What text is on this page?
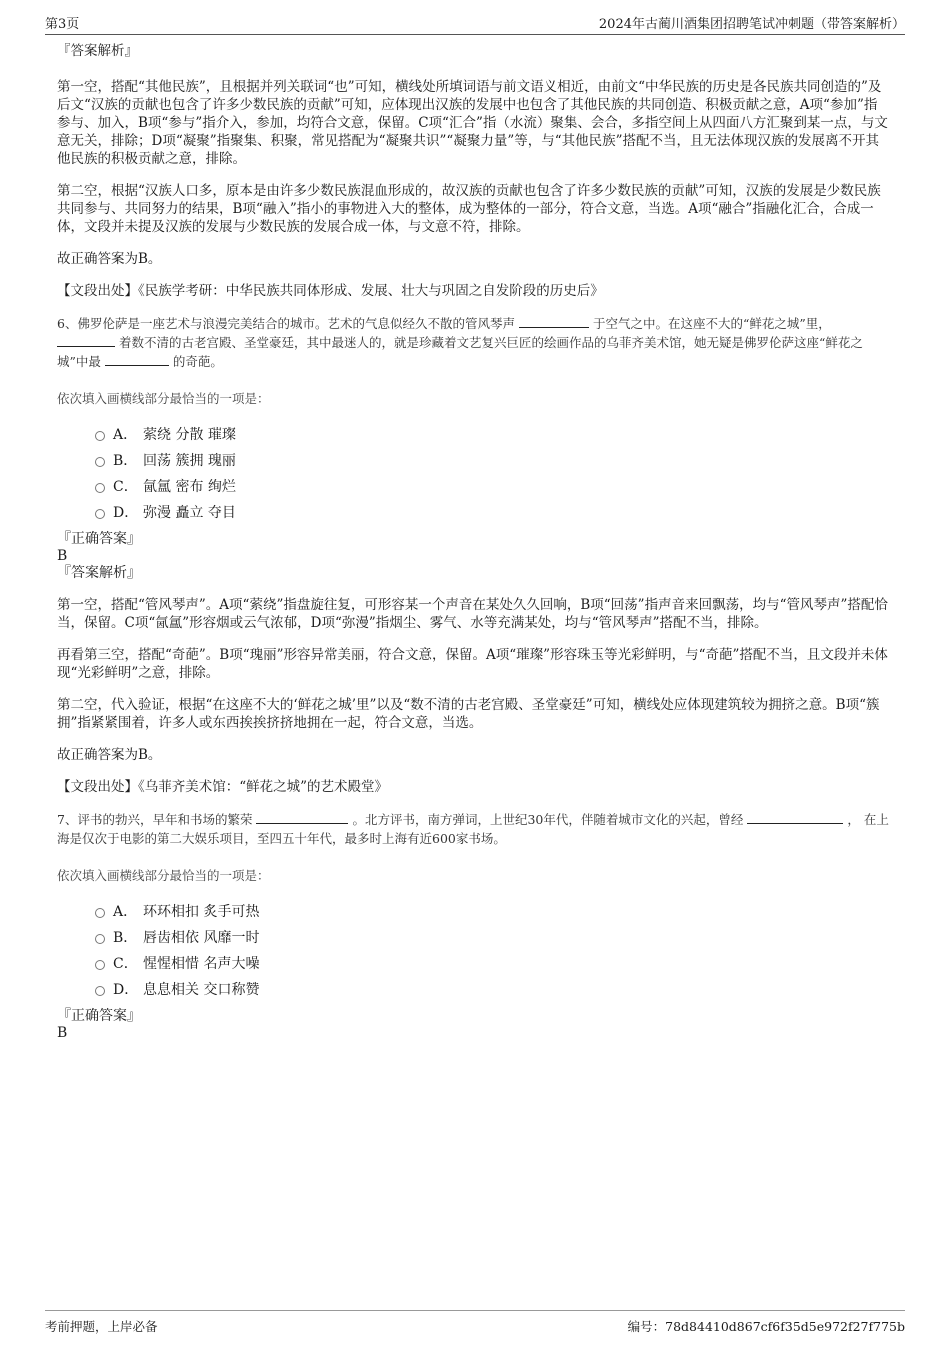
第3页	2024年古蔺川酒集团招聘笔试冲刺题（带答案解析）

『答案解析』

第一空，搭配“其他民族”，且根据并列关联词“也”可知，横线处所填词语与前文语义相近，由前文“中华民族的历史是各民族共同创造的”及后文“汉族的贡献也包含了许多少数民族的贡献”可知，应体现出汉族的发展中也包含了其他民族的共同创造、积极贡献之意，A项“参加”指参与、加入，B项“参与”指介入，参加，均符合文意，保留。C项“汇合”指（水流）聚集、会合，多指空间上从四面八方汇聚到某一点，与文意无关，排除；D项“凝聚”指聚集、积聚，常见搭配为“凝聚共识”“凝聚力量”等，与“其他民族”搭配不当，且无法体现汉族的发展离不开其他民族的积极贡献之意，排除。

第二空，根据“汉族人口多，原本是由许多少数民族混血形成的，故汉族的贡献也包含了许多少数民族的贡献”可知，汉族的发展是少数民族共同参与、共同努力的结果，B项“融入”指小的事物进入大的整体，成为整体的一部分，符合文意，当选。A项“融合”指融化汇合，合成一体，文段并未提及汉族的发展与少数民族的发展合成一体，与文意不符，排除。

故正确答案为B。

【文段出处】《民族学考研：中华民族共同体形成、发展、壮大与巩固之自发阶段的历史后》

6、佛罗伦萨是一座艺术与浪漫完美结合的城市。艺术的气息似经久不散的管风琴声	于空气之中。在这座不大的“鲜花之城”里，  着数不清的古老宫殿、圣堂豪廷，其中最迷人的，就是珍藏着文艺复兴巨匠的绘画作品的乌菲齐美术馆，她无疑是佛罗伦萨这座“鲜花之城”中最	的奇葩。

依次填入画横线部分最恰当的一项是：

A． 萦绕 分散 璀璨
B． 回荡 簇拥 瑰丽
C． 氤氲 密布 绚烂
D． 弥漫 矗立 夺目

『正确答案』

B

『答案解析』

第一空，搭配“管风琴声”。A项“萦绕”指盘旋往复，可形容某一个声音在某处久久回响，B项“回荡”指声音来回飘荡，均与“管风琴声”搭配恰当，保留。C项“氤氲”形容烟或云气浓郁，D项“弥漫”指烟尘、雾气、水等充满某处，均与“管风琴声”搭配不当，排除。

再看第三空，搭配“奇葩”。B项“瑰丽”形容异常美丽，符合文意，保留。A项“璀璨”形容珠玉等光彩鲜明，与“奇葩”搭配不当，且文段并未体现“光彩鲜明”之意，排除。

第二空，代入验证，根据“在这座不大的‘鲜花之城’里”以及“数不清的古老宫殿、圣堂豪廷”可知，横线处应体现建筑较为拥挤之意。B项“簇拥”指紧紧围着，许多人或东西挨挨挤挤地拥在一起，符合文意，当选。

故正确答案为B。

【文段出处】《乌菲齐美术馆：“鲜花之城”的艺术殿堂》

7、评书的勃兴，早年和书场的繁荣	。北方评书，南方弹词，上世纪30年代，伴随着城市文化的兴起，曾经	， 在上海是仅次于电影的第二大娱乐项目，至四五十年代，最多时上海有近600家书场。

依次填入画横线部分最恰当的一项是：

A． 环环相扣 炙手可热
B． 唇齿相依 风靡一时
C． 惺惺相惜 名声大噪
D． 息息相关 交口称赞

『正确答案』

B

考前押题，上岸必备	编号：78d84410d867cf6f35d5e972f27f775b
